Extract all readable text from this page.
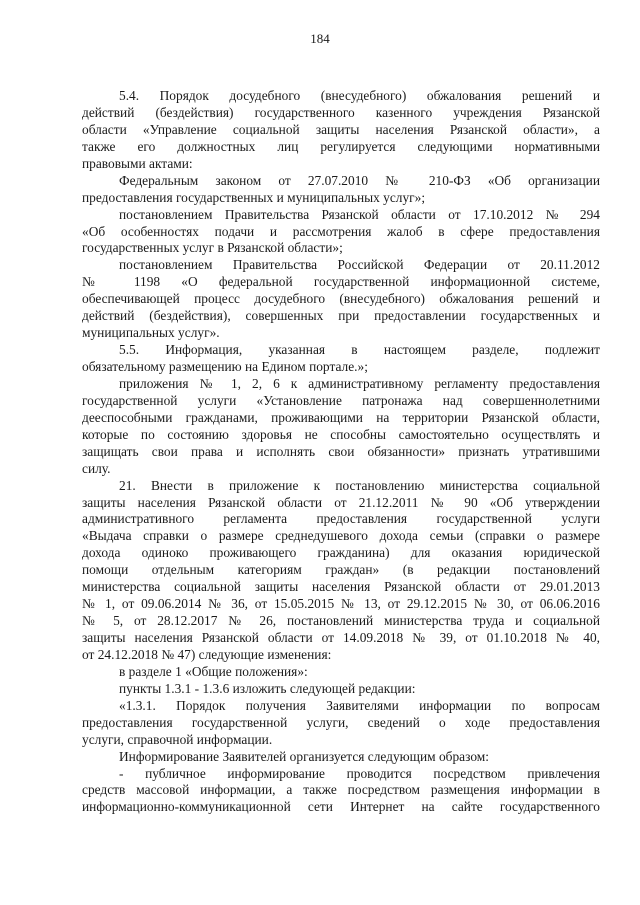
184
5.4. Порядок досудебного (внесудебного) обжалования решений и
действий (бездействия) государственного казенного учреждения Рязанской
области «Управление социальной защиты населения Рязанской области», а
также его должностных лиц регулируется следующими нормативными
правовыми актами:
Федеральным законом от 27.07.2010 № 210-ФЗ «Об организации
предоставления государственных и муниципальных услуг»;
постановлением Правительства Рязанской области от 17.10.2012 № 294
«Об особенностях подачи и рассмотрения жалоб в сфере предоставления
государственных услуг в Рязанской области»;
постановлением Правительства Российской Федерации от 20.11.2012
№ 1198 «О федеральной государственной информационной системе,
обеспечивающей процесс досудебного (внесудебного) обжалования решений и
действий (бездействия), совершенных при предоставлении государственных и
муниципальных услуг».
5.5. Информация, указанная в настоящем разделе, подлежит
обязательному размещению на Едином портале.»;
приложения № 1, 2, 6 к административному регламенту предоставления
государственной услуги «Установление патронажа над совершеннолетними
дееспособными гражданами, проживающими на территории Рязанской области,
которые по состоянию здоровья не способны самостоятельно осуществлять и
защищать свои права и исполнять свои обязанности» признать утратившими
силу.
21. Внести в приложение к постановлению министерства социальной
защиты населения Рязанской области от 21.12.2011 № 90 «Об утверждении
административного регламента предоставления государственной услуги
«Выдача справки о размере среднедушевого дохода семьи (справки о размере
дохода одиноко проживающего гражданина) для оказания юридической
помощи отдельным категориям граждан» (в редакции постановлений
министерства социальной защиты населения Рязанской области от 29.01.2013
№ 1, от 09.06.2014 № 36, от 15.05.2015 № 13, от 29.12.2015 № 30, от 06.06.2016
№ 5, от 28.12.2017 № 26, постановлений министерства труда и социальной
защиты населения Рязанской области от 14.09.2018 № 39, от 01.10.2018 № 40,
от 24.12.2018 № 47) следующие изменения:
в разделе 1 «Общие положения»:
пункты 1.3.1 - 1.3.6 изложить следующей редакции:
«1.3.1. Порядок получения Заявителями информации по вопросам
предоставления государственной услуги, сведений о ходе предоставления
услуги, справочной информации.
Информирование Заявителей организуется следующим образом:
- публичное информирование проводится посредством привлечения
средств массовой информации, а также посредством размещения информации в
информационно-коммуникационной сети Интернет на сайте государственного
